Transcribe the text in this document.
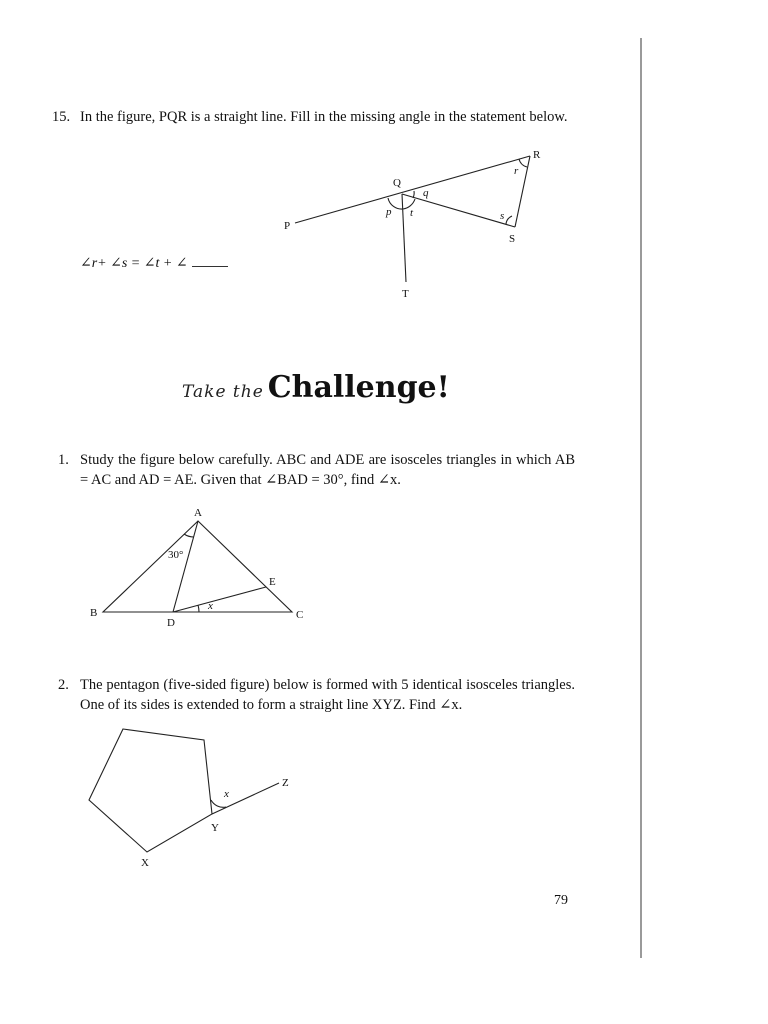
15. In the figure, PQR is a straight line. Fill in the missing angle in the statement below.
∠r+ ∠s = ∠t + ∠
P
Q
R
S
T
p
q
r
s
t
Take the Challenge!
1. Study the figure below carefully. ABC and ADE are isosceles triangles in which AB = AC and AD = AE. Given that ∠BAD = 30°, find ∠x.
A
B	C
D
E
30°
x
2. The pentagon (five-sided figure) below is formed with 5 identical isosceles triangles. One of its sides is extended to form a straight line XYZ. Find ∠x.
X
Y
Z
x
79
